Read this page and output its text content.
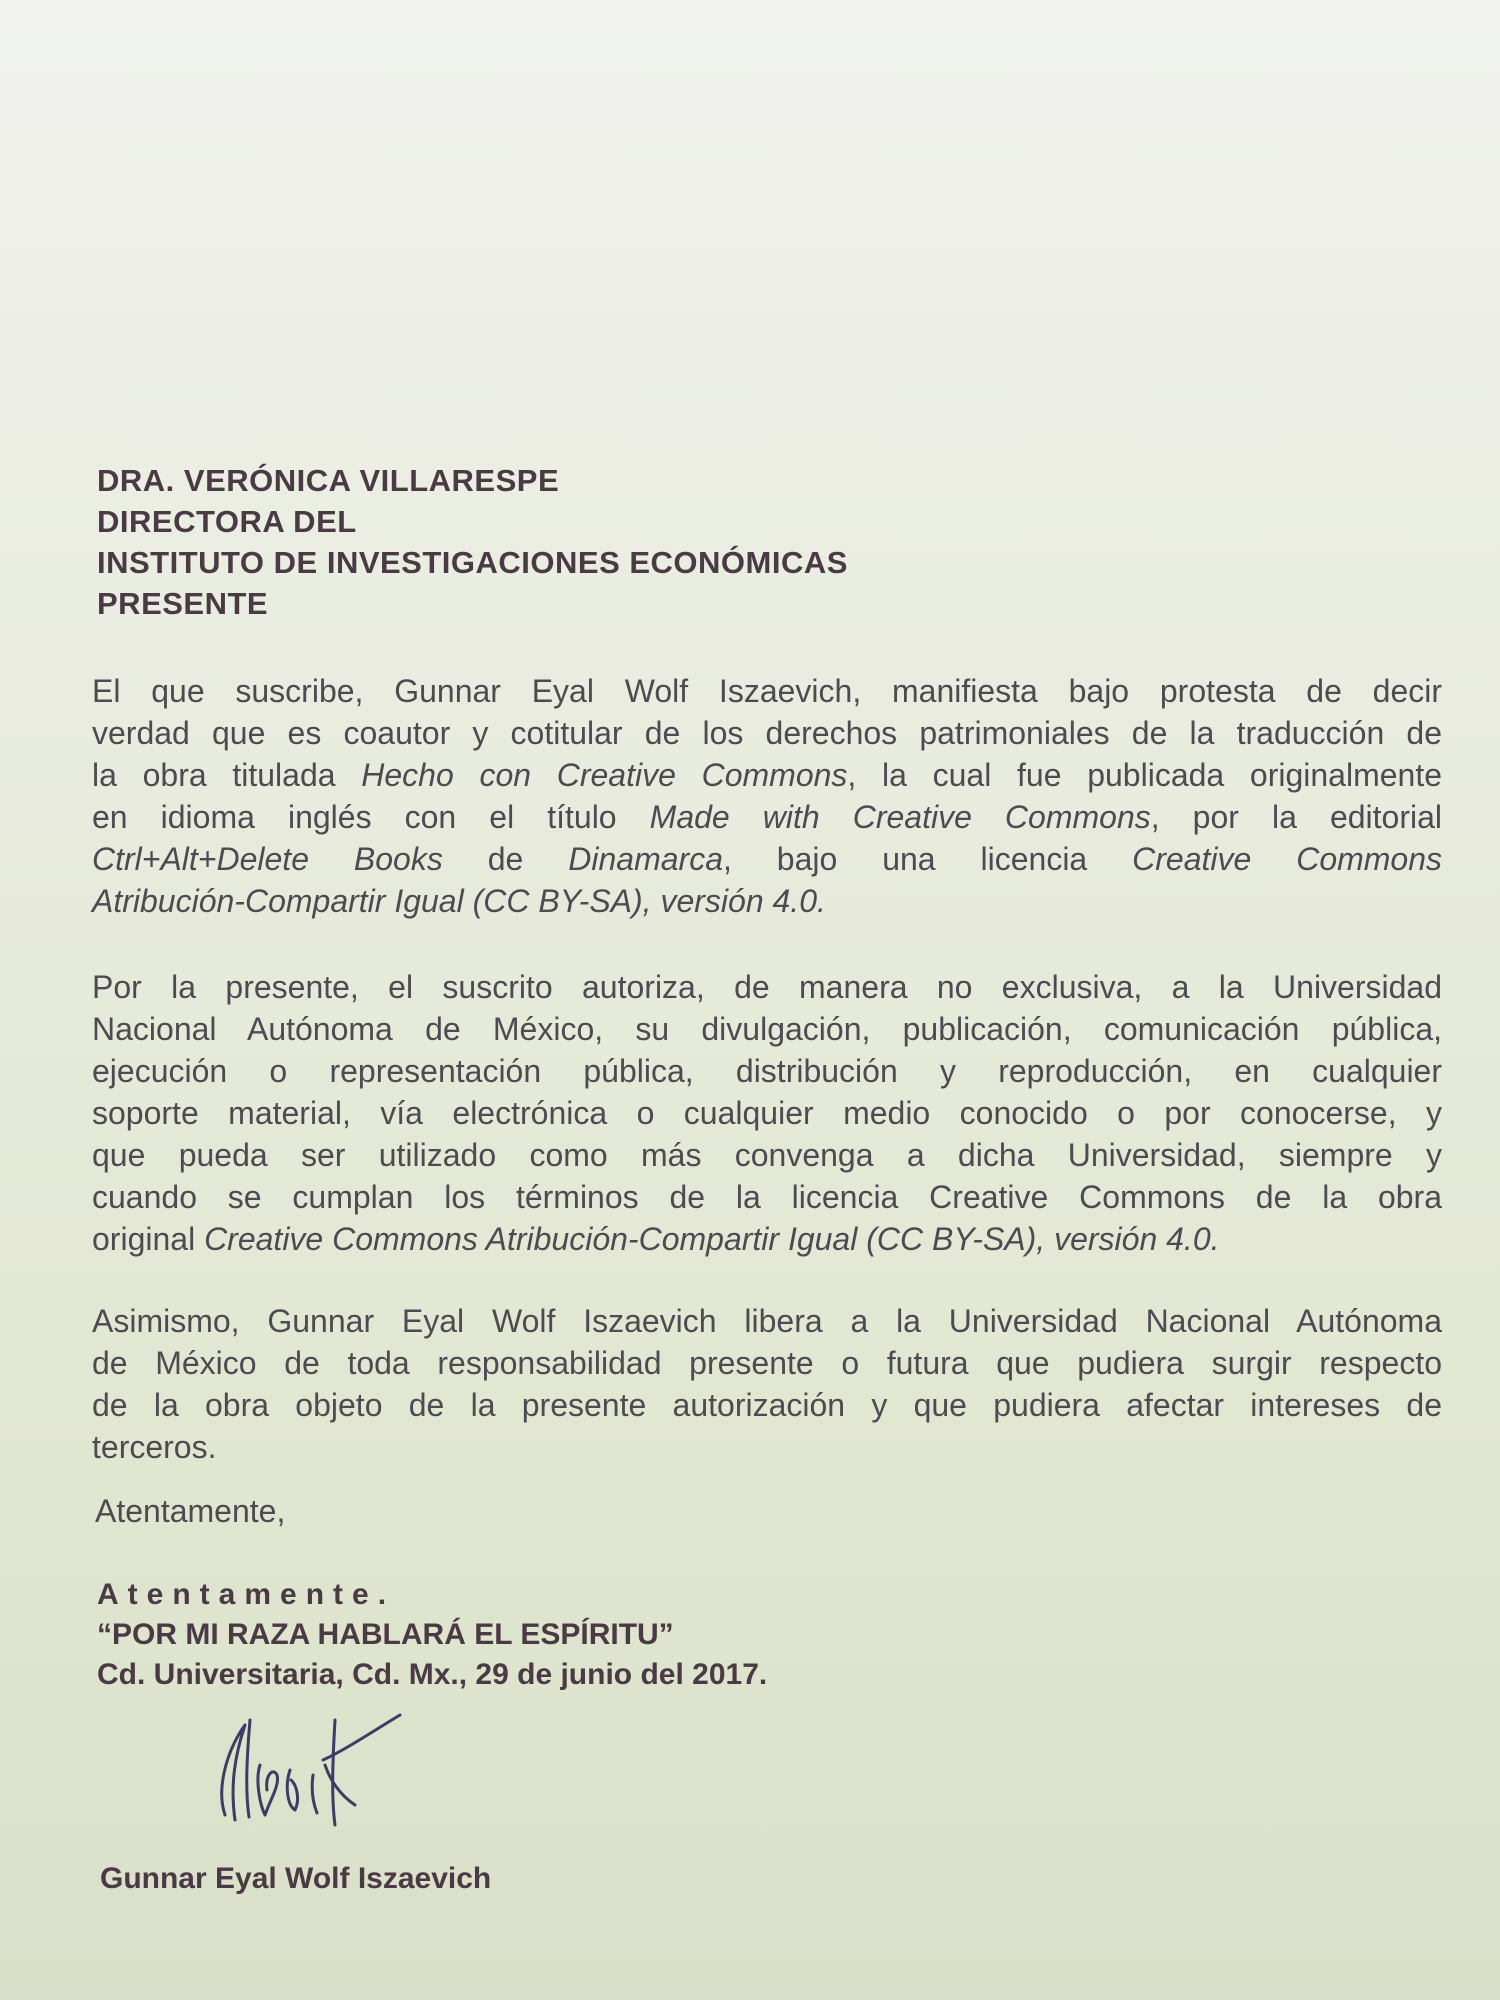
DRA. VERÓNICA VILLARESPE
DIRECTORA DEL
INSTITUTO DE INVESTIGACIONES ECONÓMICAS
PRESENTE
El que suscribe, Gunnar Eyal Wolf Iszaevich, manifiesta bajo protesta de decir
verdad que es coautor y cotitular de los derechos patrimoniales de la traducción de
la obra titulada Hecho con Creative Commons, la cual fue publicada originalmente
en idioma inglés con el título Made with Creative Commons, por la editorial
Ctrl+Alt+Delete Books de Dinamarca, bajo una licencia Creative Commons
Atribución-Compartir Igual (CC BY-SA), versión 4.0.
Por la presente, el suscrito autoriza, de manera no exclusiva, a la Universidad
Nacional Autónoma de México, su divulgación, publicación, comunicación pública,
ejecución o representación pública, distribución y reproducción, en cualquier
soporte material, vía electrónica o cualquier medio conocido o por conocerse, y
que pueda ser utilizado como más convenga a dicha Universidad, siempre y
cuando se cumplan los términos de la licencia Creative Commons de la obra
original Creative Commons Atribución-Compartir Igual (CC BY-SA), versión 4.0.
Asimismo, Gunnar Eyal Wolf Iszaevich libera a la Universidad Nacional Autónoma
de México de toda responsabilidad presente o futura que pudiera surgir respecto
de la obra objeto de la presente autorización y que pudiera afectar intereses de
terceros.
Atentamente,
Atentamente.
“POR MI RAZA HABLARÁ EL ESPÍRITU”
Cd. Universitaria, Cd. Mx., 29 de junio del 2017.
Gunnar Eyal Wolf Iszaevich
